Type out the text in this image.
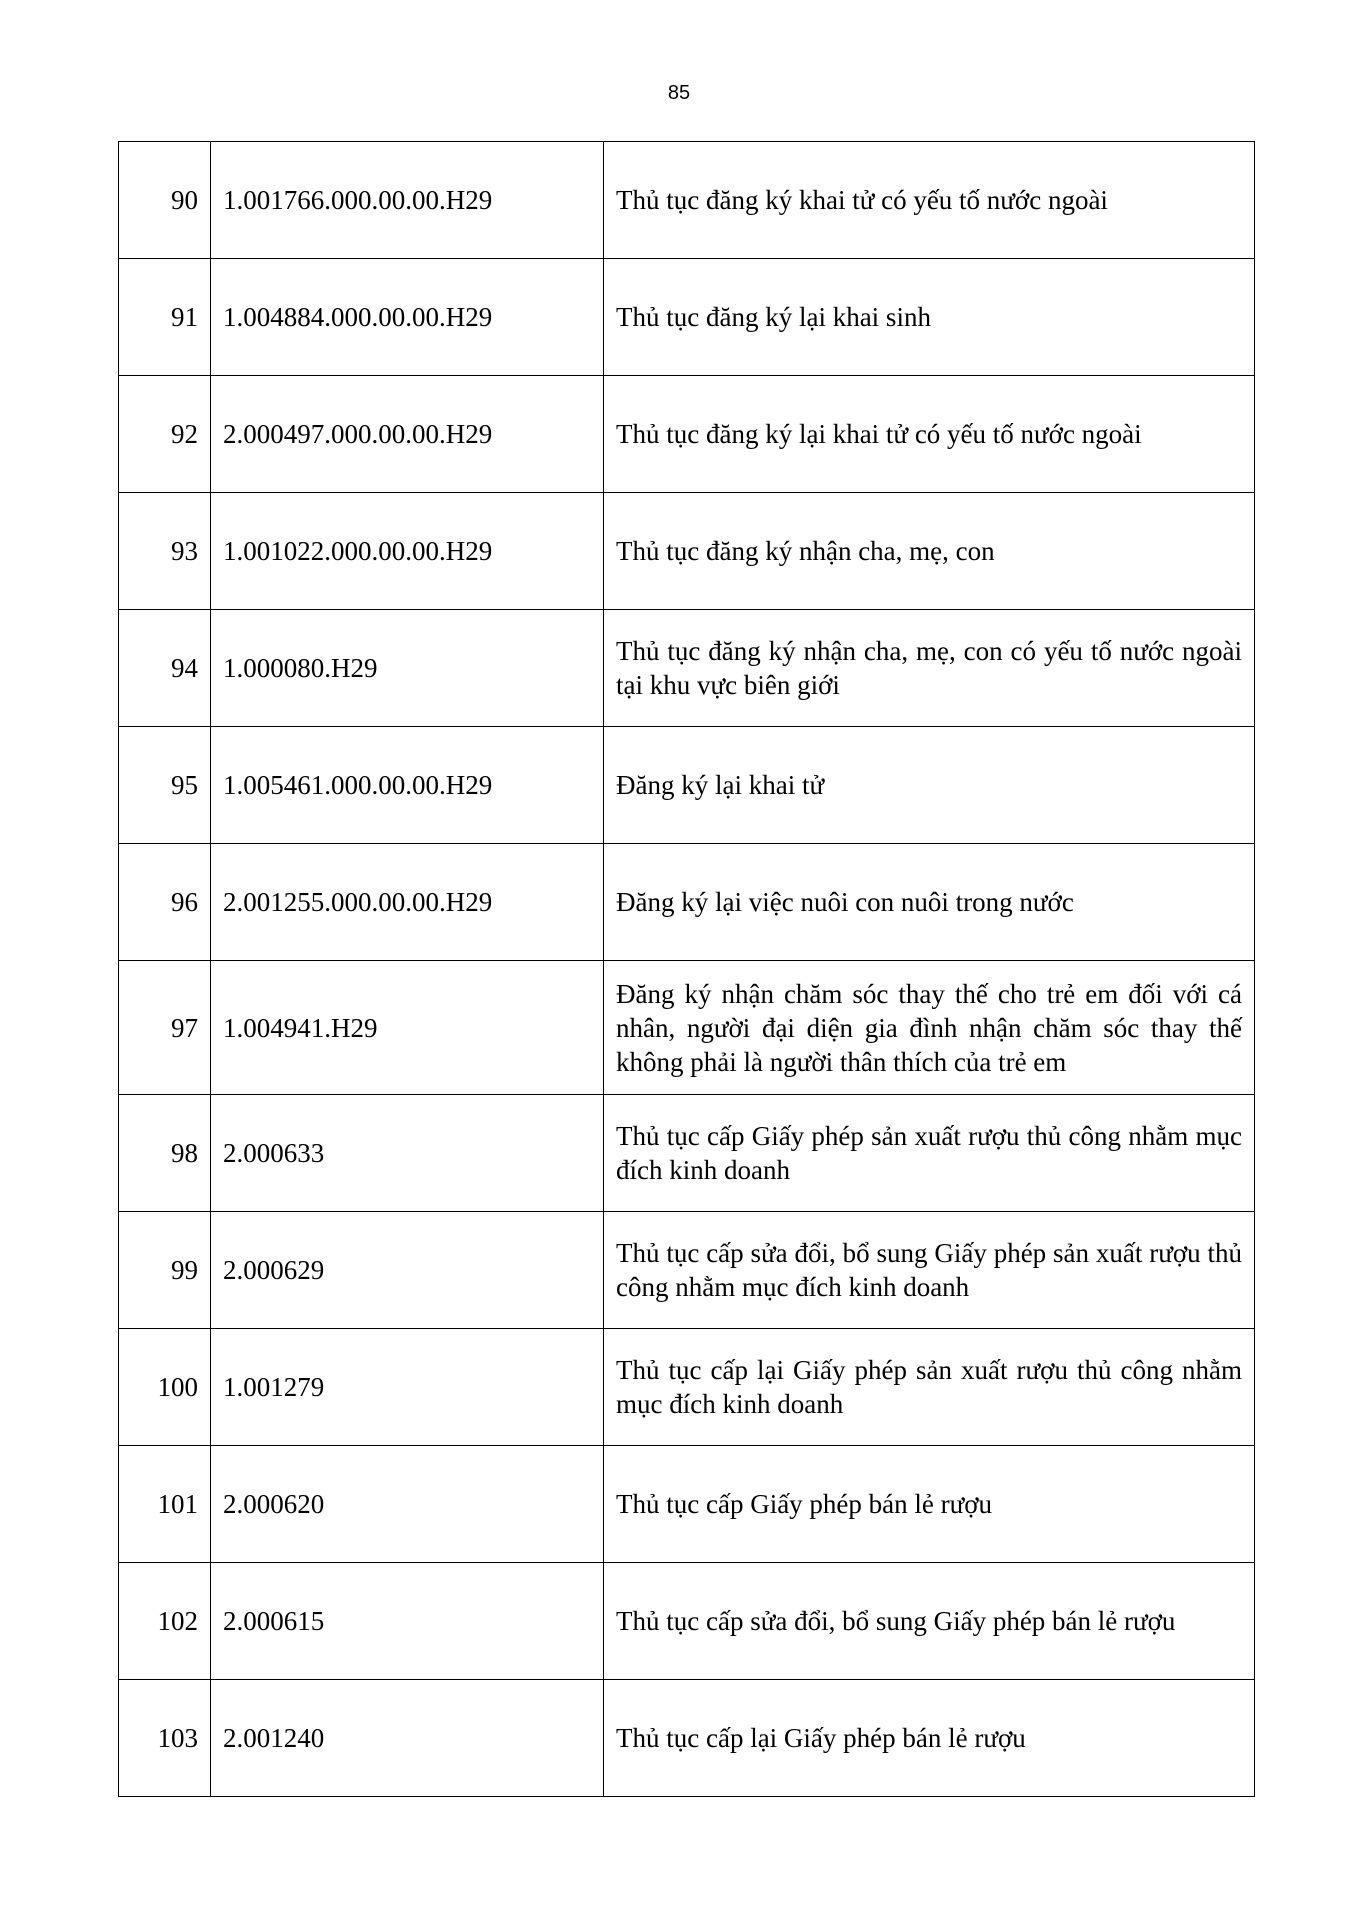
85
90	1.001766.000.00.00.H29	Thủ tục đăng ký khai tử có yếu tố nước ngoài
91	1.004884.000.00.00.H29	Thủ tục đăng ký lại khai sinh
92	2.000497.000.00.00.H29	Thủ tục đăng ký lại khai tử có yếu tố nước ngoài
93	1.001022.000.00.00.H29	Thủ tục đăng ký nhận cha, mẹ, con
94	1.000080.H29	Thủ tục đăng ký nhận cha, mẹ, con có yếu tố nước ngoài tại khu vực biên giới
95	1.005461.000.00.00.H29	Đăng ký lại khai tử
96	2.001255.000.00.00.H29	Đăng ký lại việc nuôi con nuôi trong nước
97	1.004941.H29	Đăng ký nhận chăm sóc thay thế cho trẻ em đối với cá nhân, người đại diện gia đình nhận chăm sóc thay thế không phải là người thân thích của trẻ em
98	2.000633	Thủ tục cấp Giấy phép sản xuất rượu thủ công nhằm mục đích kinh doanh
99	2.000629	Thủ tục cấp sửa đổi, bổ sung Giấy phép sản xuất rượu thủ công nhằm mục đích kinh doanh
100	1.001279	Thủ tục cấp lại Giấy phép sản xuất rượu thủ công nhằm mục đích kinh doanh
101	2.000620	Thủ tục cấp Giấy phép bán lẻ rượu
102	2.000615	Thủ tục cấp sửa đổi, bổ sung Giấy phép bán lẻ rượu
103	2.001240	Thủ tục cấp lại Giấy phép bán lẻ rượu
